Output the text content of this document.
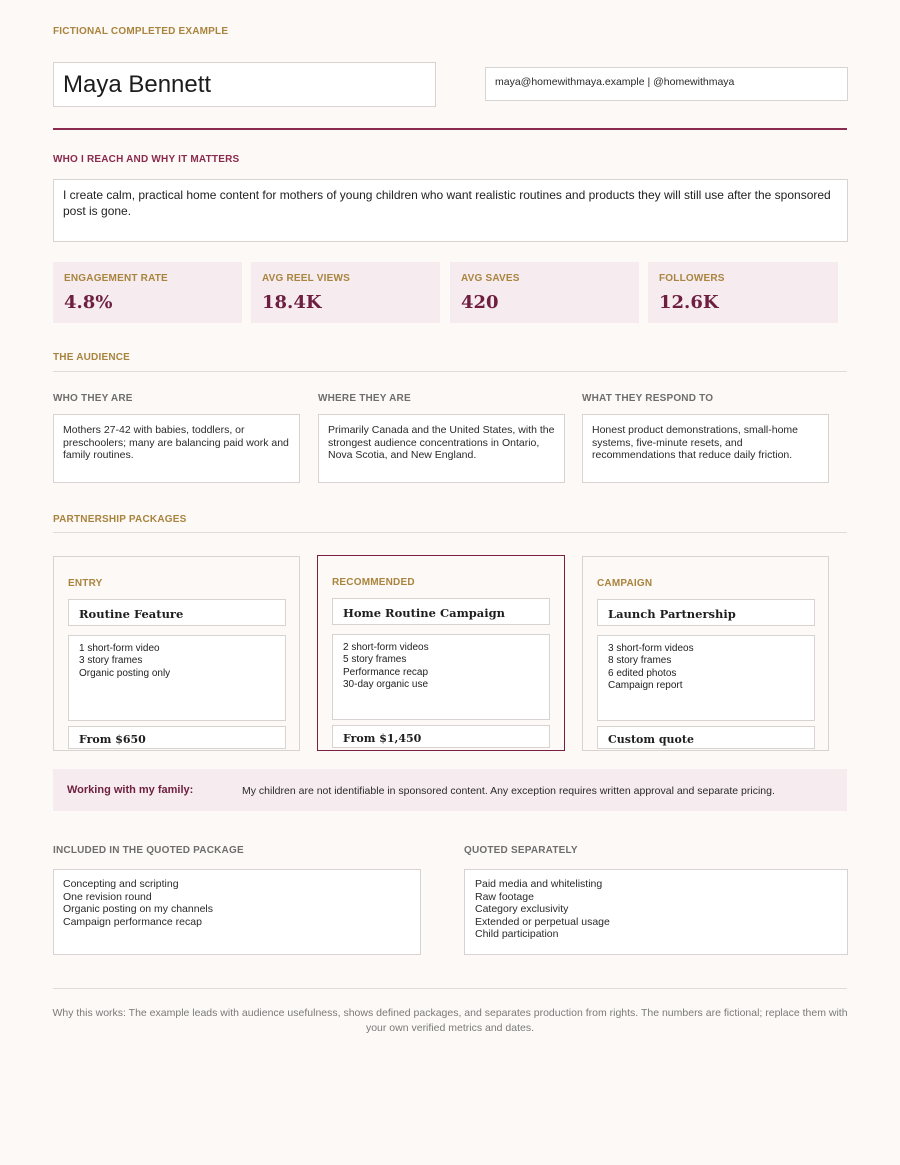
FICTIONAL COMPLETED EXAMPLE
Maya Bennett	maya@homewithmaya.example | @homewithmaya
WHO I REACH AND WHY IT MATTERS
I create calm, practical home content for mothers of young children who want realistic routines and products they will still use after the sponsored post is gone.
ENGAGEMENT RATE
4.8%
AVG REEL VIEWS
18.4K
AVG SAVES
420
FOLLOWERS
12.6K
THE AUDIENCE
WHO THEY ARE
Mothers 27-42 with babies, toddlers, or
preschoolers; many are balancing paid work and
family routines.
WHERE THEY ARE
Primarily Canada and the United States, with the
strongest audience concentrations in Ontario,
Nova Scotia, and New England.
WHAT THEY RESPOND TO
Honest product demonstrations, small-home
systems, five-minute resets, and
recommendations that reduce daily friction.
PARTNERSHIP PACKAGES
ENTRY
Routine Feature
1 short-form video
3 story frames
Organic posting only
From $650
RECOMMENDED
Home Routine Campaign
2 short-form videos
5 story frames
Performance recap
30-day organic use
From $1,450
CAMPAIGN
Launch Partnership
3 short-form videos
8 story frames
6 edited photos
Campaign report
Custom quote
Working with my family:	My children are not identifiable in sponsored content. Any exception requires written approval and separate pricing.
INCLUDED IN THE QUOTED PACKAGE
Concepting and scripting
One revision round
Organic posting on my channels
Campaign performance recap
QUOTED SEPARATELY
Paid media and whitelisting
Raw footage
Category exclusivity
Extended or perpetual usage
Child participation
Why this works: The example leads with audience usefulness, shows defined packages, and separates production from rights. The numbers are fictional; replace them with
your own verified metrics and dates.
